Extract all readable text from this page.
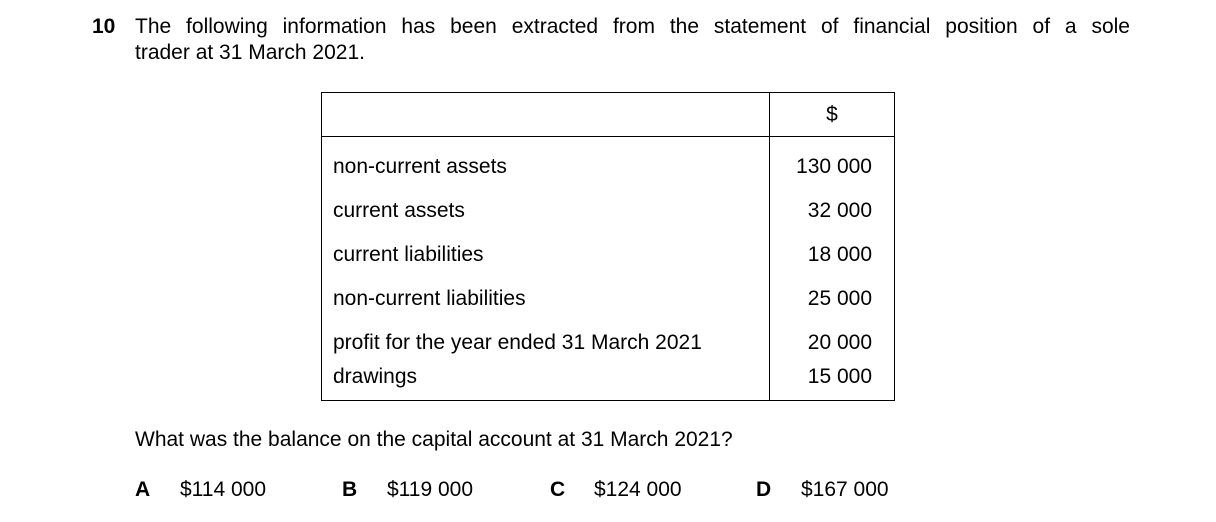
10 The following information has been extracted from the statement of financial position of a sole
trader at 31 March 2021.
	$
non-current assets	130 000
current assets	32 000
current liabilities	18 000
non-current liabilities	25 000
profit for the year ended 31 March 2021	20 000
drawings	15 000
What was the balance on the capital account at 31 March 2021?
A $114 000	B $119 000	C $124 000	D $167 000
